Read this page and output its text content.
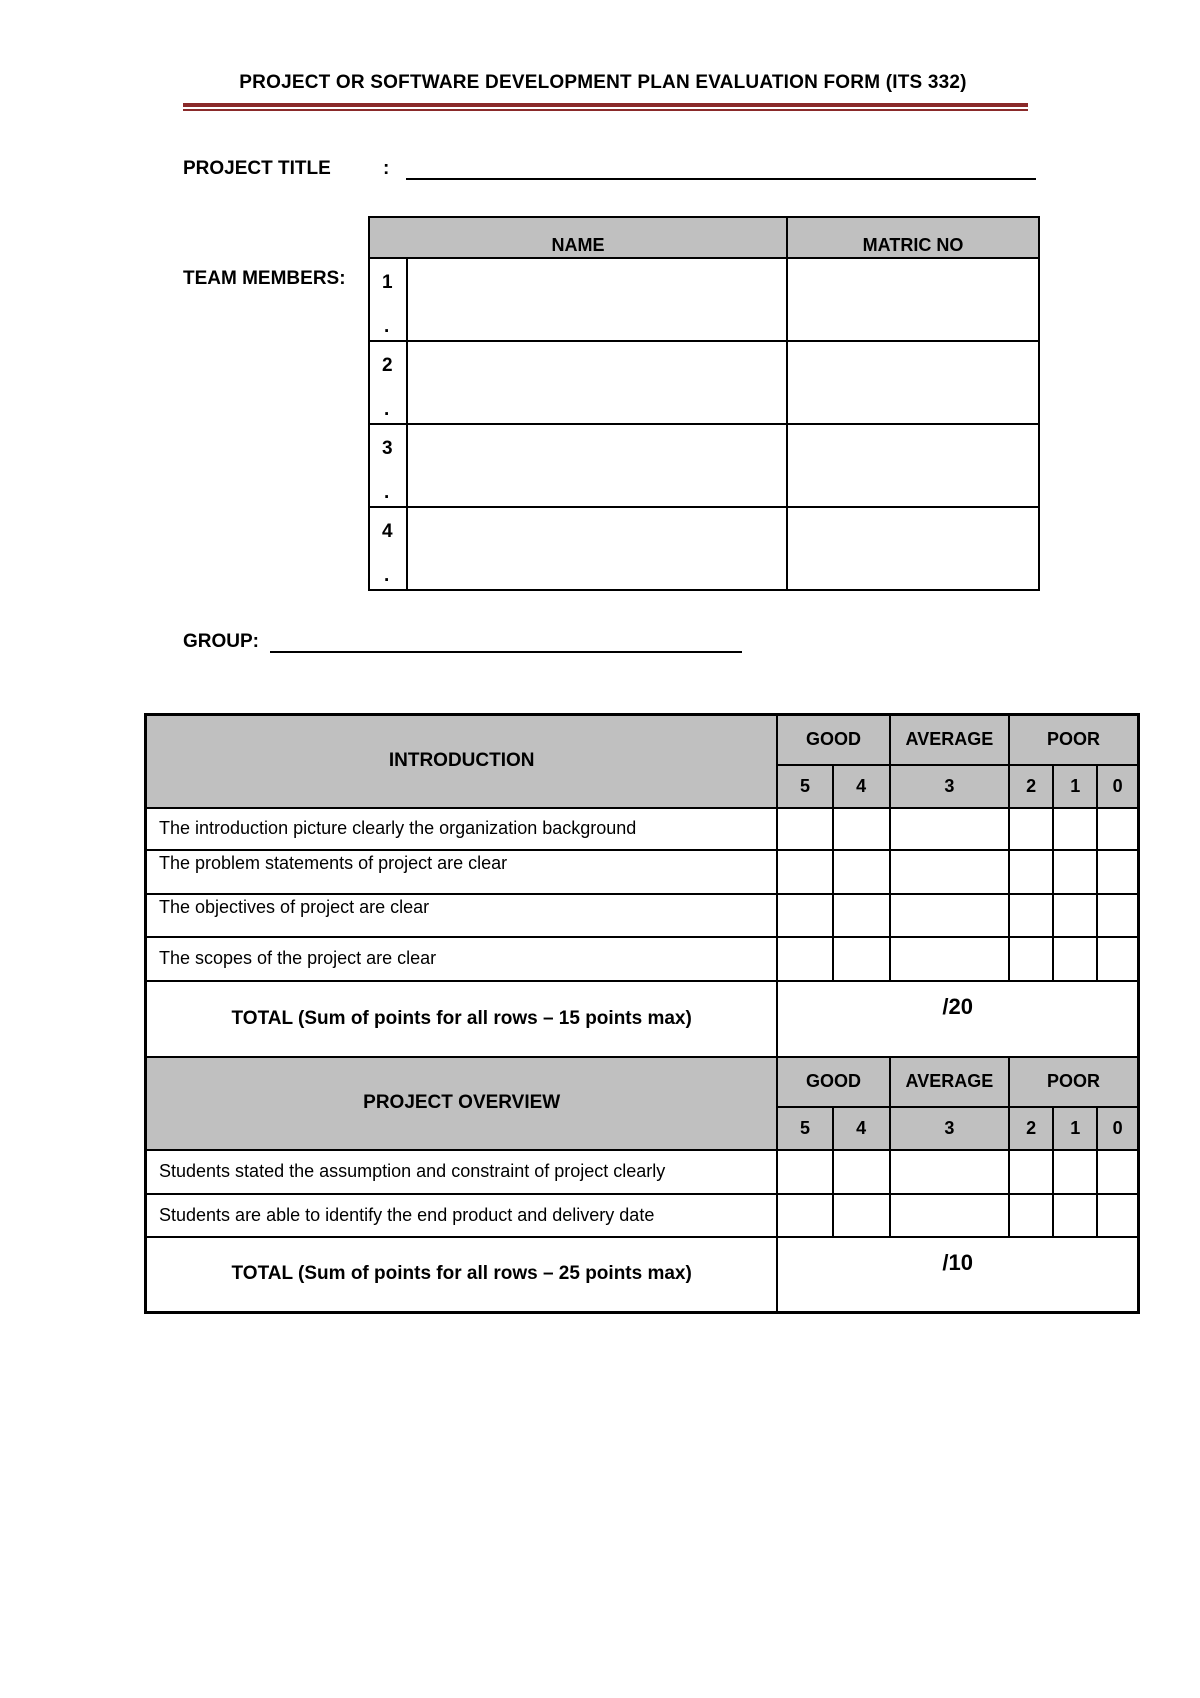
PROJECT OR SOFTWARE DEVELOPMENT PLAN EVALUATION FORM (ITS 332)
PROJECT TITLE	:
TEAM MEMBERS:
NAME		MATRIC NO

1
.		

2
.		

3
.		

4
.		

GROUP:
INTRODUCTION	GOOD		AVERAGE	POOR		
	5	4	3	2	1	0
The introduction picture clearly the organization background						
The problem statements of project are clear						
The objectives of project are clear						
The scopes of the project are clear						
TOTAL (Sum of points for all rows – 15 points max)	/20					
PROJECT OVERVIEW	GOOD		AVERAGE	POOR		
	5	4	3	2	1	0
Students stated the assumption and constraint of project clearly						
Students are able to identify the end product and delivery date						
TOTAL (Sum of points for all rows – 25 points max)	/10					
